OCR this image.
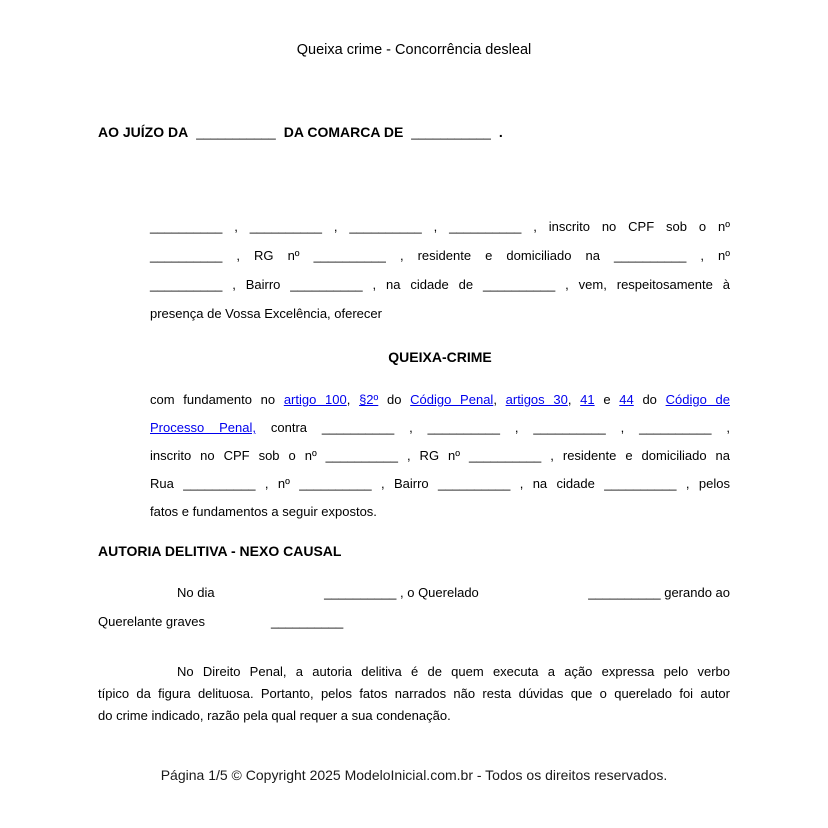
Queixa crime - Concorrência desleal
AO JUÍZO DA ___________ DA COMARCA DE ___________ .
__________ , __________ , __________ , __________ , inscrito no CPF sob o nº
__________ , RG nº __________ , residente e domiciliado na __________ , nº
__________ , Bairro __________ , na cidade de __________ , vem, respeitosamente à
presença de Vossa Excelência, oferecer
QUEIXA-CRIME
com fundamento no artigo 100, §2º do Código Penal, artigos 30, 41 e 44 do Código de
Processo Penal, contra __________ , __________ , __________ , __________ ,
inscrito no CPF sob o nº __________ , RG nº __________ , residente e domiciliado na
Rua __________ , nº __________ , Bairro __________ , na cidade __________ , pelos
fatos e fundamentos a seguir expostos.
AUTORIA DELITIVA - NEXO CAUSAL
No dia	__________ , o Querelado	__________ gerando ao
Querelante graves	__________
No Direito Penal, a autoria delitiva é de quem executa a ação expressa pelo verbo
típico da figura delituosa. Portanto, pelos fatos narrados não resta dúvidas que o querelado foi autor
do crime indicado, razão pela qual requer a sua condenação.
Página 1/5 © Copyright 2025 ModeloInicial.com.br - Todos os direitos reservados.
